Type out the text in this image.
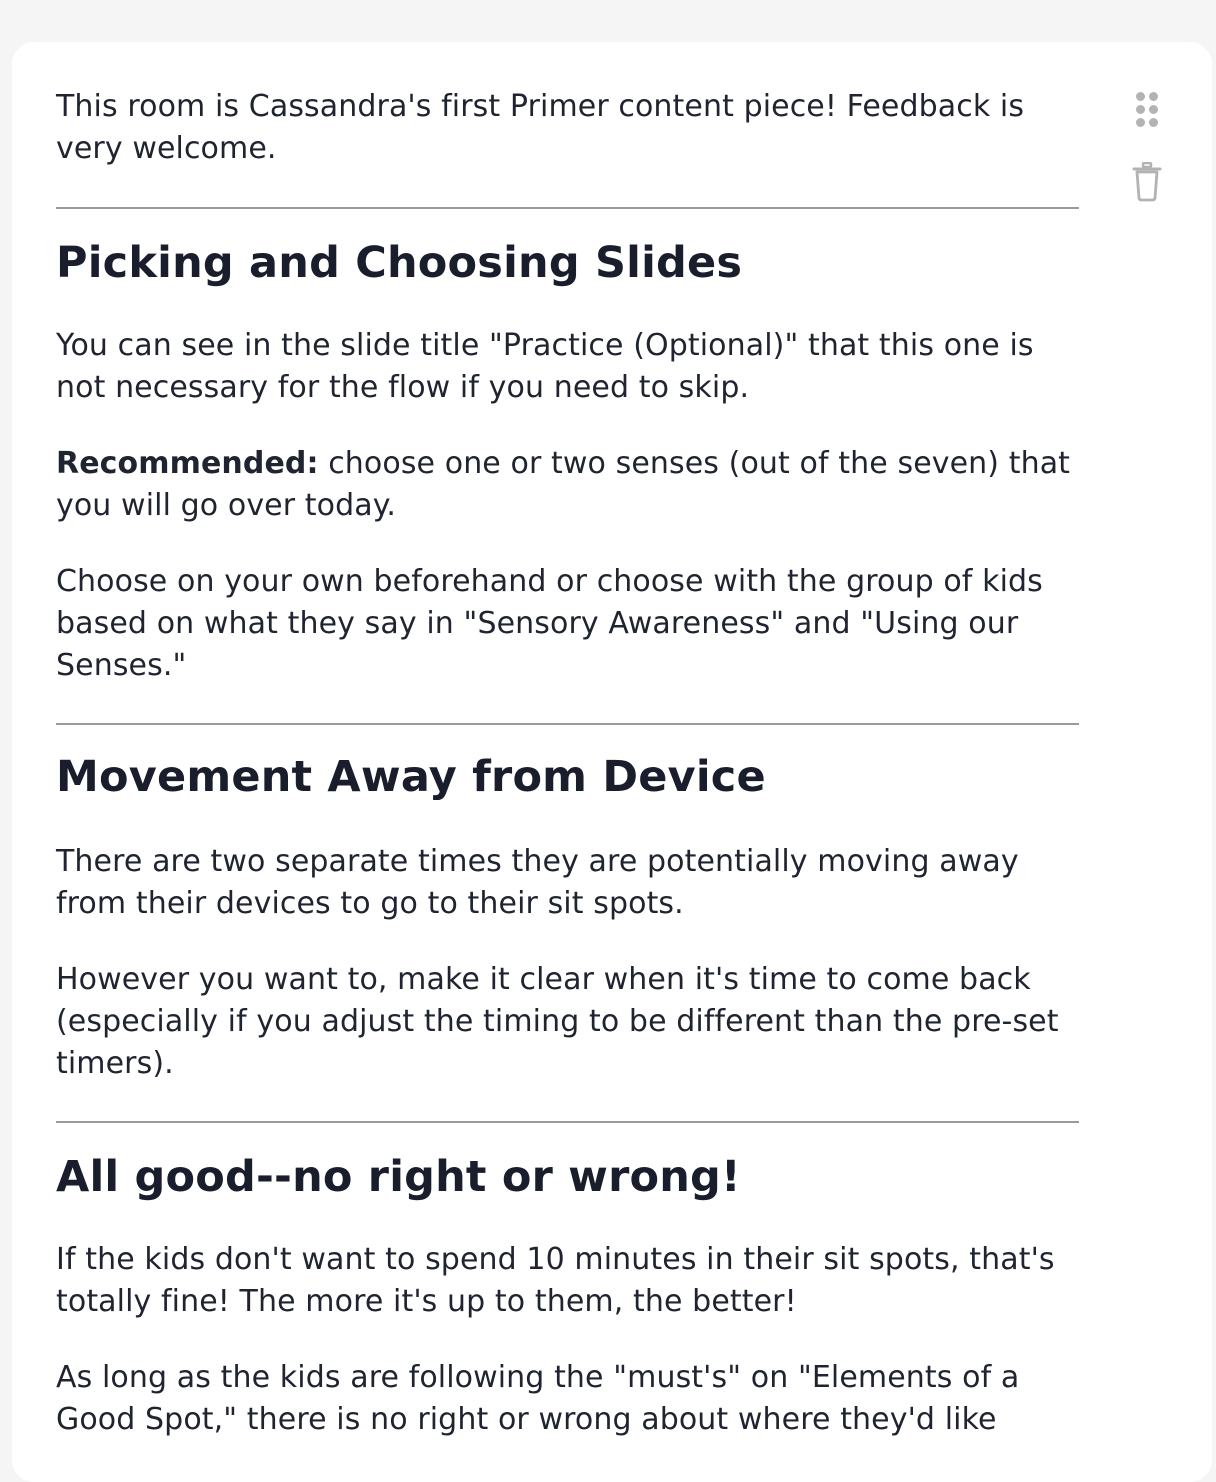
This room is Cassandra's first Primer content piece! Feedback is very welcome.

Picking and Choosing Slides

You can see in the slide title "Practice (Optional)" that this one is not necessary for the flow if you need to skip.

Recommended: choose one or two senses (out of the seven) that you will go over today.

Choose on your own beforehand or choose with the group of kids based on what they say in "Sensory Awareness" and "Using our Senses."

Movement Away from Device

There are two separate times they are potentially moving away from their devices to go to their sit spots.

However you want to, make it clear when it's time to come back (especially if you adjust the timing to be different than the pre-set timers).

All good--no right or wrong!

If the kids don't want to spend 10 minutes in their sit spots, that's totally fine! The more it's up to them, the better!

As long as the kids are following the "must's" on "Elements of a Good Spot," there is no right or wrong about where they'd like
